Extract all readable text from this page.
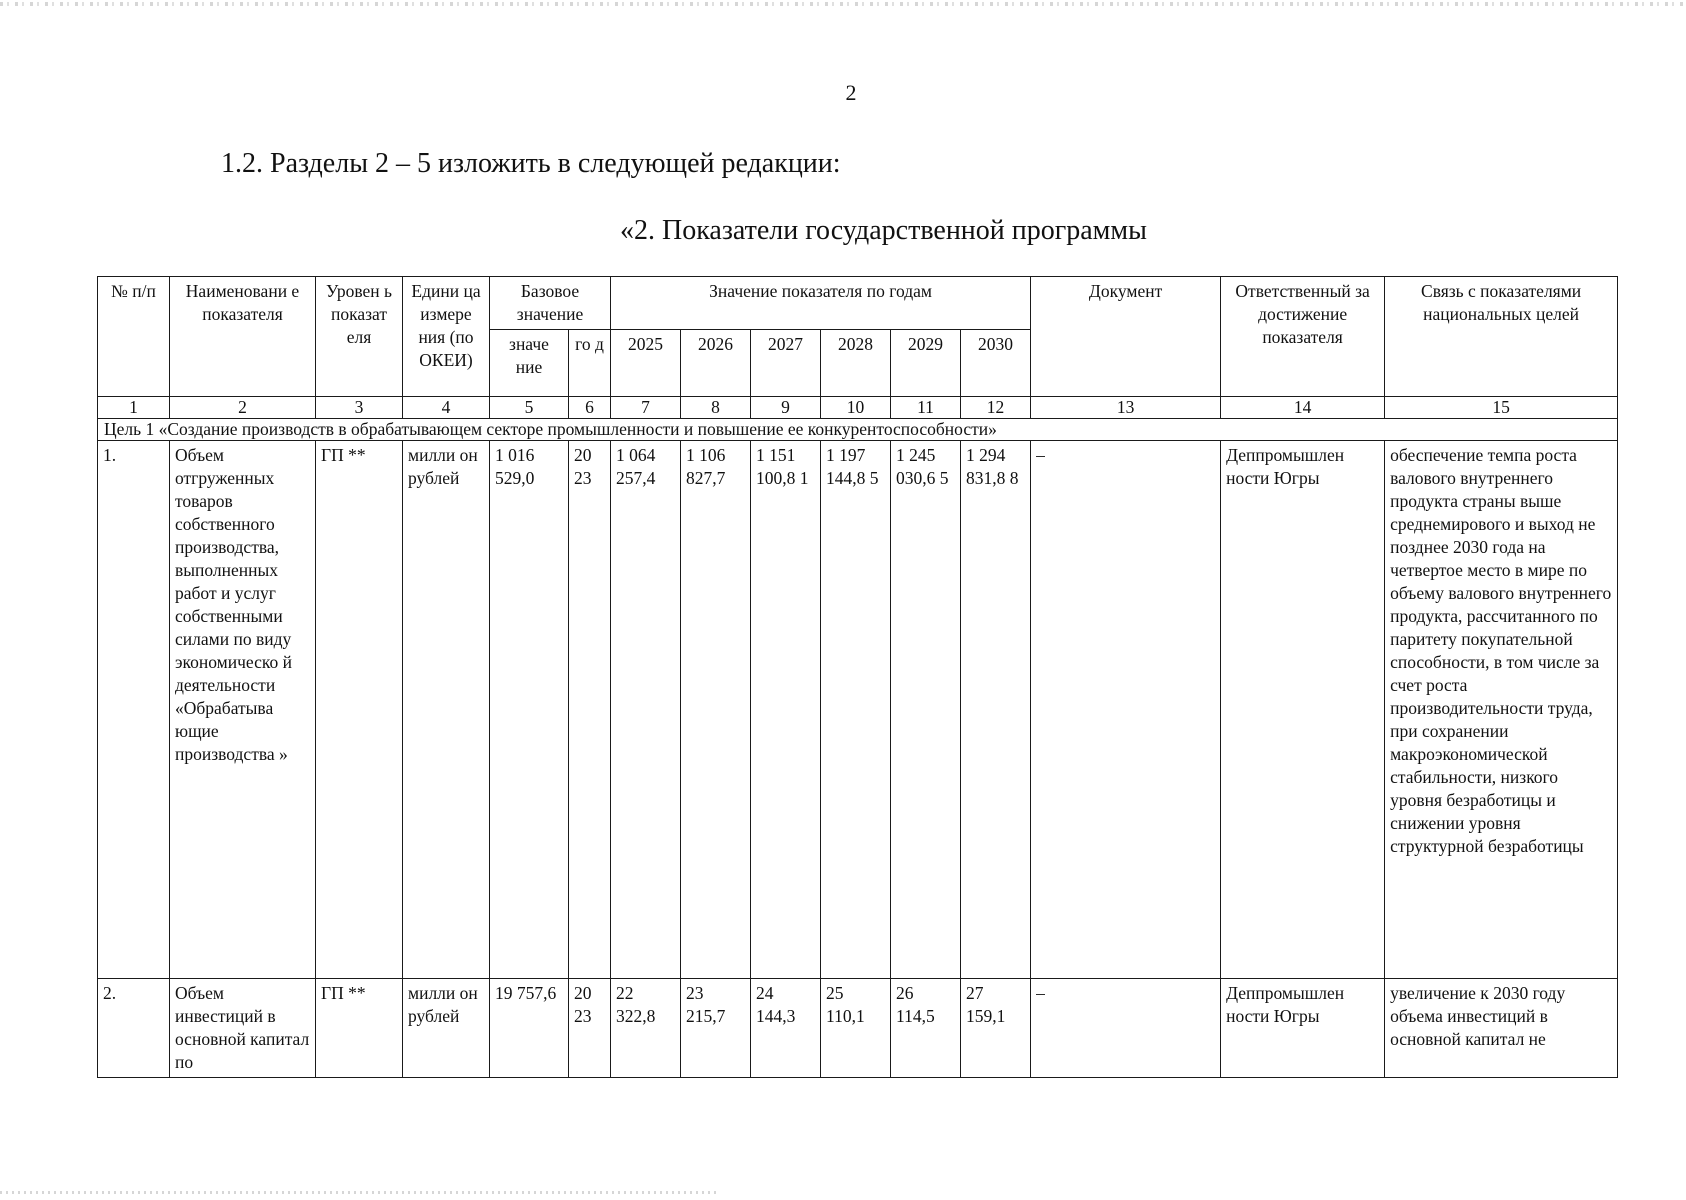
2
1.2. Разделы 2 – 5 изложить в следующей редакции:
«2. Показатели государственной программы
№ п/п	Наименовани е показателя	Уровен ь показат еля	Едини ца измере ния (по ОКЕИ)	Базовое значение		Значение показателя по годам						Документ	Ответственный за достижение показателя	Связь с показателями национальных целей
				значе ние	го д	2025	2026	2027	2028	2029	2030			
1	2	3	4	5	6	7	8	9	10	11	12	13	14	15
Цель 1 «Создание производств в обрабатывающем секторе промышленности и повышение ее конкурентоспособности»														
1.	Объем отгруженных товаров собственного производства, выполненных работ и услуг собственными силами по виду экономическо й деятельности «Обрабатыва ющие производства »	ГП **	милли он рублей	1 016 529,0	20 23	1 064 257,4	1 106 827,7	1 151 100,8 1	1 197 144,8 5	1 245 030,6 5	1 294 831,8 8	–	Деппромышлен ности Югры	обеспечение темпа роста валового внутреннего продукта страны выше среднемирового и выход не позднее 2030 года на четвертое место в мире по объему валового внутреннего продукта, рассчитанного по паритету покупательной способности, в том числе за счет роста производительности труда, при сохранении макроэкономической стабильности, низкого уровня безработицы и снижении уровня структурной безработицы
2.	Объем инвестиций в основной капитал по	ГП **	милли он рублей	19 757,6	20 23	22 322,8	23 215,7	24 144,3	25 110,1	26 114,5	27 159,1	–	Деппромышлен ности Югры	увеличение к 2030 году объема инвестиций в основной капитал не
